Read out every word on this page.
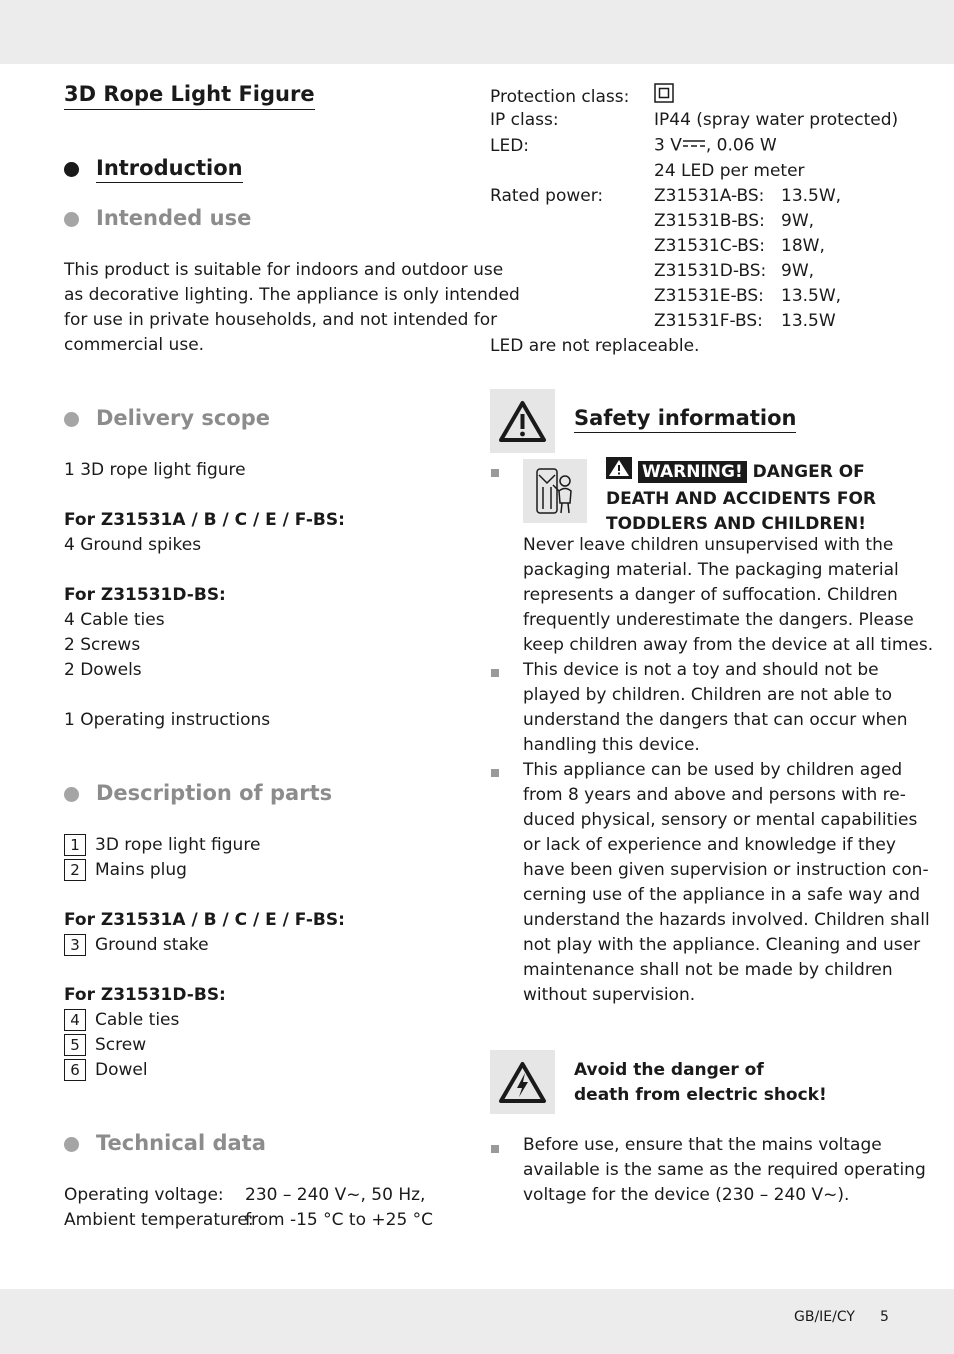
3D Rope Light Figure
Introduction
Intended use
This product is suitable for indoors and outdoor use
as decorative lighting. The appliance is only intended
for use in private households, and not intended for
commercial use.
Delivery scope
1 3D rope light figure
For Z31531A / B / C / E / F-BS:
4 Ground spikes
For Z31531D-BS:
4 Cable ties
2 Screws
2 Dowels
1 Operating instructions
Description of parts
1 3D rope light figure
2 Mains plug
For Z31531A / B / C / E / F-BS:
3 Ground stake
For Z31531D-BS:
4 Cable ties
5 Screw
6 Dowel
Technical data
Operating voltage: 230 – 240 V~, 50 Hz,
Ambient temperature:from -15 °C to +25 °C
Protection class:
IP class:	IP44 (spray water protected)
LED:	3 V , 0.06 W
24 LED per meter
Rated power:	Z31531A-BS: 13.5W,
Z31531B-BS: 9W,
Z31531C-BS: 18W,
Z31531D-BS: 9W,
Z31531E-BS: 13.5W,
Z31531F-BS: 13.5W
LED are not replaceable.
Safety information
WARNING! DANGER OF
DEATH AND ACCIDENTS FOR
TODDLERS AND CHILDREN!
Never leave children unsupervised with the
packaging material. The packaging material
represents a danger of suffocation. Children
frequently underestimate the dangers. Please
keep children away from the device at all times.
This device is not a toy and should not be
played by children. Children are not able to
understand the dangers that can occur when
handling this device.
This appliance can be used by children aged
from 8 years and above and persons with re-
duced physical, sensory or mental capabilities
or lack of experience and knowledge if they
have been given supervision or instruction con-
cerning use of the appliance in a safe way and
understand the hazards involved. Children shall
not play with the appliance. Cleaning and user
maintenance shall not be made by children
without supervision.
Avoid the danger of
death from electric shock!
Before use, ensure that the mains voltage
available is the same as the required operating
voltage for the device (230 – 240 V~).
GB/IE/CY 5
